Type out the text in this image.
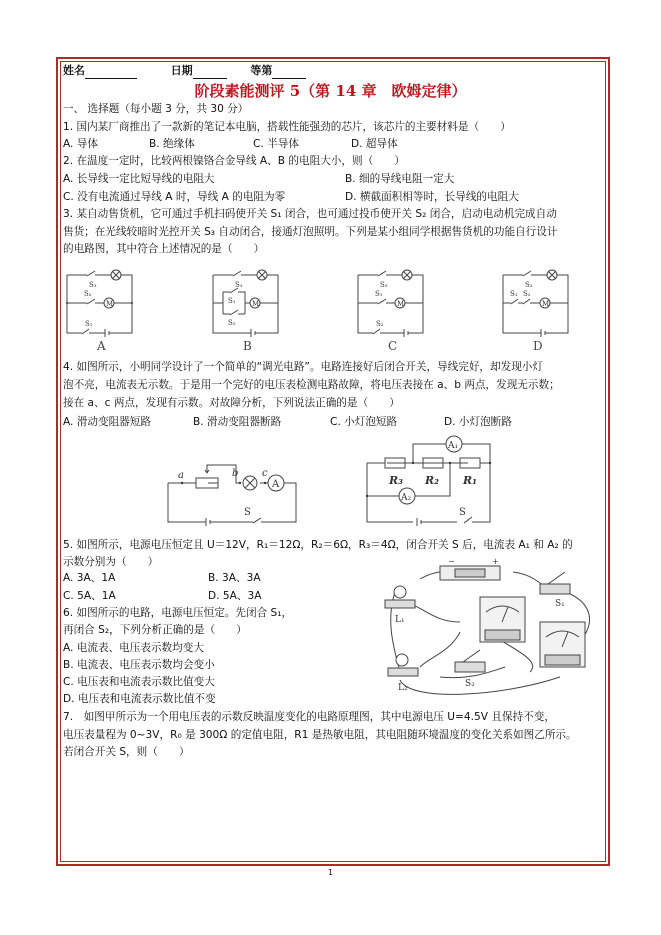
姓名	日期	等第
阶段素能测评 5（第 14 章　欧姆定律）
一、 选择题（每小题 3 分，共 30 分）
1. 国内某厂商推出了一款新的笔记本电脑，搭载性能强劲的芯片，该芯片的主要材料是（　　）
A. 导体	B. 绝缘体	C. 半导体	D. 超导体
2. 在温度一定时，比较两根镍铬合金导线 A、B 的电阻大小，则（　　）
A. 长导线一定比短导线的电阻大	B. 细的导线电阻一定大
C. 没有电流通过导线 A 时，导线 A 的电阻为零	D. 横截面积相等时，长导线的电阻大
3. 某自动售货机，它可通过手机扫码使开关 S₁ 闭合，也可通过投币使开关 S₂ 闭合，启动电动机完成自动
售货；在光线较暗时光控开关 S₃ 自动闭合，接通灯泡照明。下列是某小组同学根据售货机的功能自行设计
的电路图，其中符合上述情况的是（　　）
M
S₃
S₂
S₁
M
S₃
S₁
S₂
M
S₃
S₁
S₂
M
S₃
S₁ S₂
A	B	C	D
4. 如图所示，小明同学设计了一个简单的“调光电路”。电路连接好后闭合开关，导线完好，却发现小灯
泡不亮，电流表无示数。于是用一个完好的电压表检测电路故障，将电压表接在 a、b 两点，发现无示数；
接在 a、c 两点，发现有示数。对故障分析，下列说法正确的是（　　）
A. 滑动变阻器短路	B. 滑动变阻器断路	C. 小灯泡短路	D. 小灯泡断路
A
a	b c
S
A₁
A₂
R₃ R₂ R₁
S
5. 如图所示，电源电压恒定且 U＝12V，R₁＝12Ω，R₂＝6Ω，R₃＝4Ω，闭合开关 S 后，电流表 A₁ 和 A₂ 的
示数分别为（　　）
A. 3A、1A	B. 3A、3A
C. 5A、1A	D. 5A、3A
6. 如图所示的电路，电源电压恒定。先闭合 S₁，
再闭合 S₂，下列分析正确的是（　　）
A. 电流表、电压表示数均变大
B. 电流表、电压表示数均会变小
C. 电压表和电流表示数比值变大
D. 电压表和电流表示数比值不变
−	+
S₁
L₁
L₂	S₂
7.　如图甲所示为一个用电压表的示数反映温度变化的电路原理图，其中电源电压 U=4.5V 且保持不变，
电压表量程为 0~3V，R₀ 是 300Ω 的定值电阻，R1 是热敏电阻，其电阻随环境温度的变化关系如图乙所示。
若闭合开关 S，则（　　）
1
